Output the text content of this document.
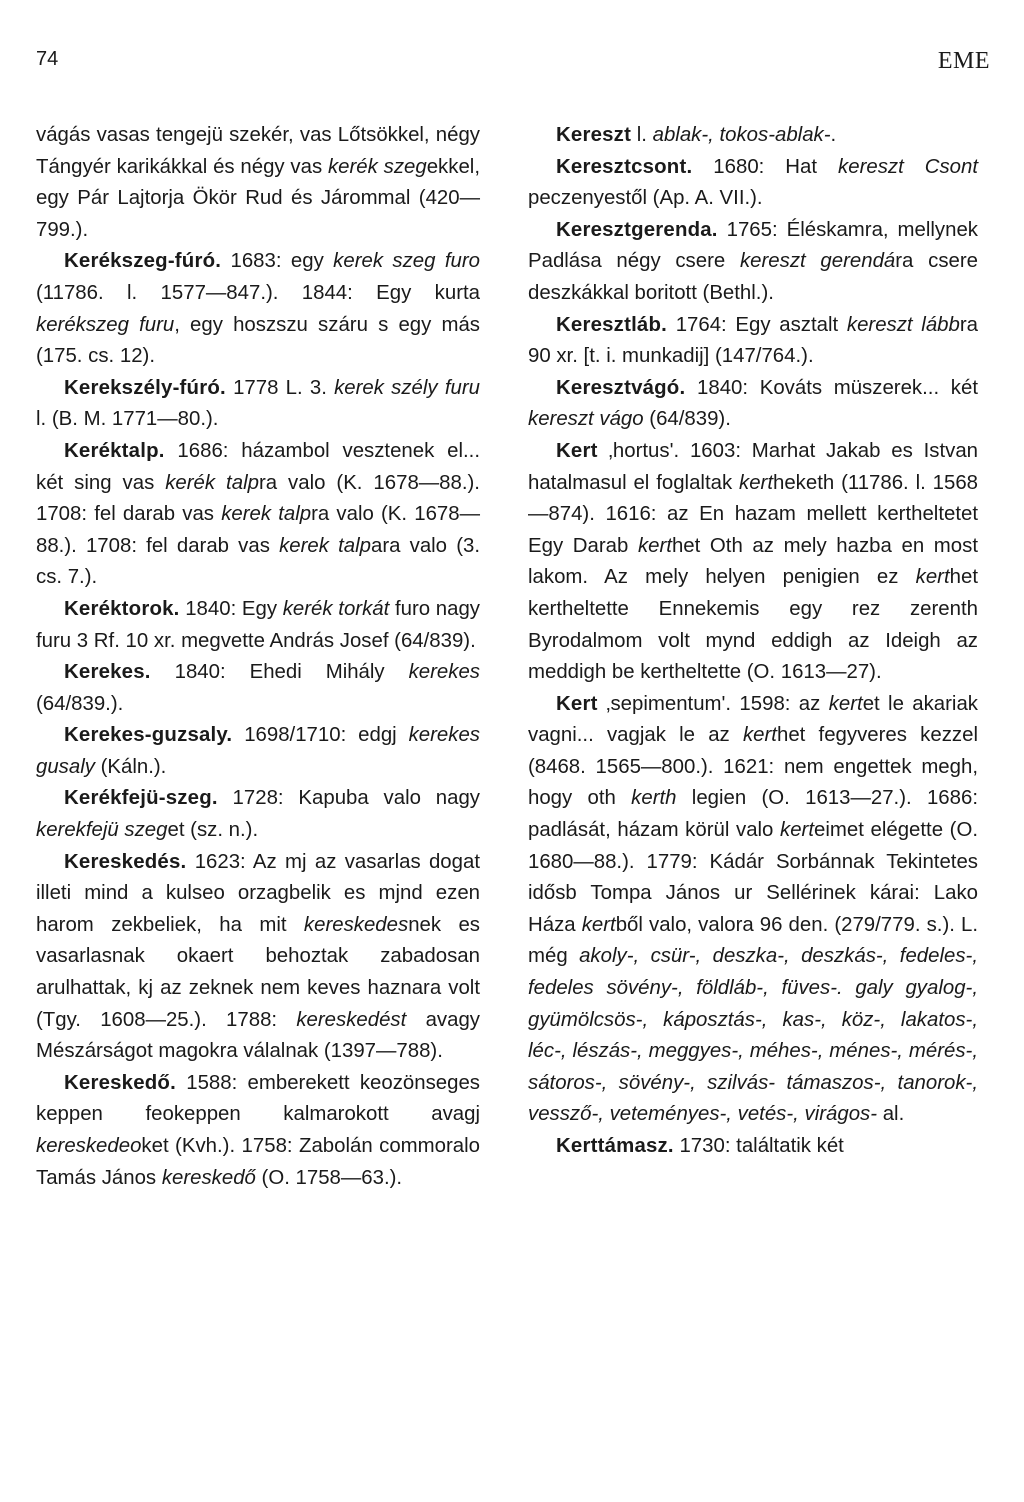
74	EME

vágás vasas tengejü szekér, vas Lőtsökkel, négy Tángyér karikákkal és négy vas kerék szegekkel, egy Pár Lajtorja Ökör Rud és Járommal (420—799.).

Kerékszeg-fúró. 1683: egy kerek szeg furo (11786. l. 1577—847.). 1844: Egy kurta kerékszeg furu, egy hoszszu száru s egy más (175. cs. 12).

Kerekszély-fúró. 1778 L. 3. kerek szély furu l. (B. M. 1771—80.).

Keréktalp. 1686: házambol vesztenek el... két sing vas kerék talpra valo (K. 1678—88.). 1708: fel darab vas kerek talpra valo (K. 1678—88.). 1708: fel darab vas kerek talpara valo (3. cs. 7.).

Keréktorok. 1840: Egy kerék torkát furo nagy furu 3 Rf. 10 xr. megvette András Josef (64/839).

Kerekes. 1840: Ehedi Mihály kerekes (64/839.).

Kerekes-guzsaly. 1698/1710: edgj kerekes gusaly (Káln.).

Kerékfejü-szeg. 1728: Kapuba valo nagy kerekfejü szeget (sz. n.).

Kereskedés. 1623: Az mj az vasarlas dogat illeti mind a kulseo orzagbelik es mjnd ezen harom zekbeliek, ha mit kereskedesnek es vasarlasnak okaert behoztak zabadosan arulhattak, kj az zeknek nem keves haznara volt (Tgy. 1608—25.). 1788: kereskedést avagy Mészárságot magokra válalnak (1397—788).

Kereskedő. 1588: emberekett keozönseges keppen feokeppen kalmarokott avagj kereskedeoket (Kvh.). 1758: Zabolán commoralo Tamás János kereskedő (O. 1758—63.).

Kereszt l. ablak-, tokos-ablak-.

Keresztcsont. 1680: Hat kereszt Csont peczenyestől (Ap. A. VII.).

Keresztgerenda. 1765: Éléskamra, mellynek Padlása négy csere kereszt gerendára csere deszkákkal boritott (Bethl.).

Keresztláb. 1764: Egy asztalt kereszt lábbra 90 xr. [t. i. munkadij] (147/764.).

Keresztvágó. 1840: Kováts müszerek... két kereszt vágo (64/839).

Kert ‚hortus'. 1603: Marhat Jakab es Istvan hatalmasul el foglaltak kertheketh (11786. l. 1568—874). 1616: az En hazam mellett kertheltetet Egy Darab kerthet Oth az mely hazba en most lakom. Az mely helyen penigien ez kerthet kertheltette Ennekemis egy rez zerenth Byrodalmom volt mynd eddigh az Ideigh az meddigh be kertheltette (O. 1613—27).

Kert ‚sepimentum'. 1598: az kertet le akariak vagni... vagjak le az kerthet fegyveres kezzel (8468. 1565—800.). 1621: nem engettek megh, hogy oth kerth legien (O. 1613—27.). 1686: padlását, házam körül valo kerteimet elégette (O. 1680—88.). 1779: Kádár Sorbánnak Tekintetes idősb Tompa János ur Sellérinek kárai: Lako Háza kertből valo, valora 96 den. (279/779. s.). L. még akoly-, csür-, deszka-, deszkás-, fedeles-, fedeles sövény-, földláb-, füves-. galy gyalog-, gyümölcsös-, káposztás-, kas-, köz-, lakatos-, léc-, lészás-, meggyes-, méhes-, ménes-, mérés-, sátoros-, sövény-, szilvás- támaszos-, tanorok-, vessző-, veteményes-, vetés-, virágos- al.

Kerttámasz. 1730: találtatik két
